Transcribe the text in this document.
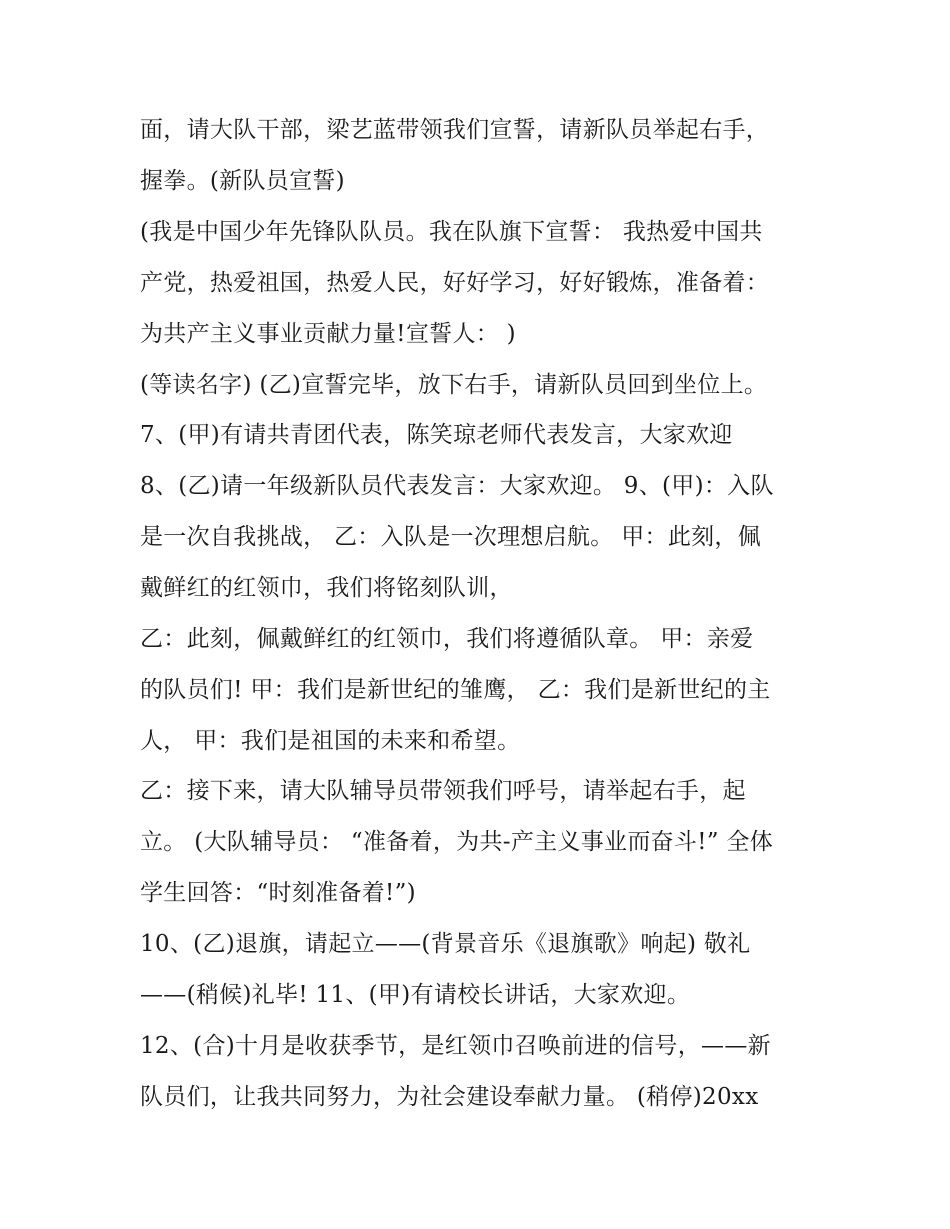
面，请大队干部，梁艺蓝带领我们宣誓，请新队员举起右手，
握拳。(新队员宣誓)
(我是中国少年先锋队队员。我在队旗下宣誓： 我热爱中国共
产党，热爱祖国，热爱人民，好好学习，好好锻炼，准备着：
为共产主义事业贡献力量!宣誓人： )
(等读名字) (乙)宣誓完毕，放下右手，请新队员回到坐位上。
7、(甲)有请共青团代表，陈笑琼老师代表发言，大家欢迎
8、(乙)请一年级新队员代表发言：大家欢迎。 9、(甲)：入队
是一次自我挑战， 乙：入队是一次理想启航。 甲：此刻，佩
戴鲜红的红领巾，我们将铭刻队训，
乙：此刻，佩戴鲜红的红领巾，我们将遵循队章。 甲：亲爱
的队员们! 甲：我们是新世纪的雏鹰， 乙：我们是新世纪的主
人， 甲：我们是祖国的未来和希望。
乙：接下来，请大队辅导员带领我们呼号，请举起右手，起
立。 (大队辅导员： “准备着，为共-产主义事业而奋斗!” 全体
学生回答：“时刻准备着!”)
10、(乙)退旗，请起立——(背景音乐《退旗歌》响起) 敬礼
——(稍候)礼毕! 11、(甲)有请校长讲话，大家欢迎。
12、(合)十月是收获季节，是红领巾召唤前进的信号，——新
队员们，让我共同努力，为社会建设奉献力量。 (稍停)20xx
